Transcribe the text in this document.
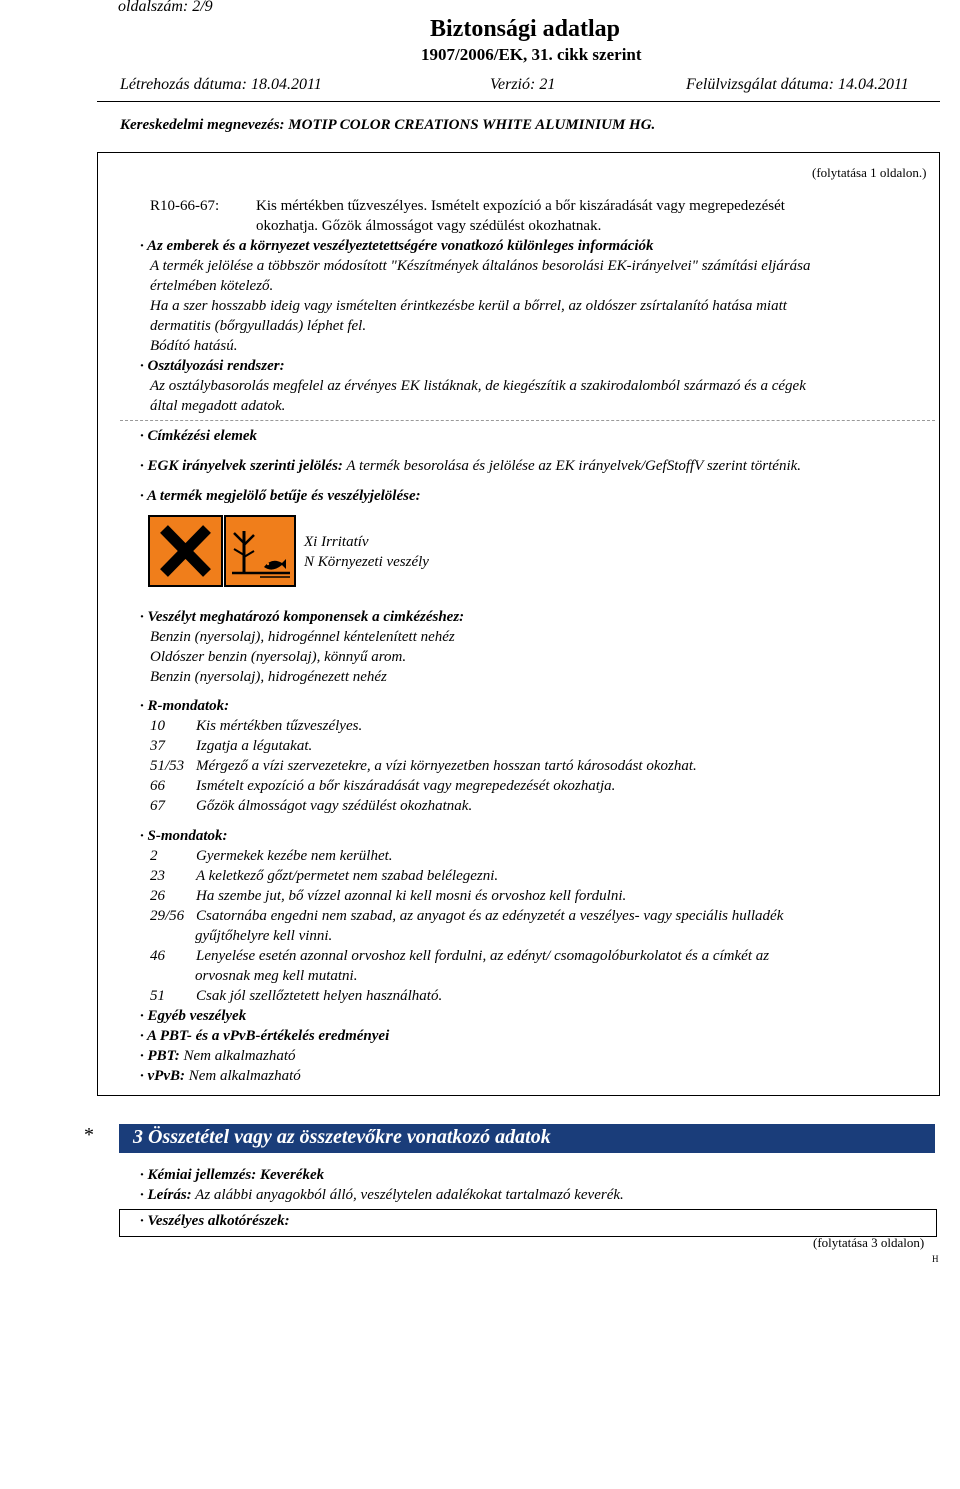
oldalszám: 2/9
Biztonsági adatlap
1907/2006/EK, 31. cikk szerint
Létrehozás dátuma: 18.04.2011	Verzió: 21	Felülvizsgálat dátuma: 14.04.2011
Kereskedelmi megnevezés: MOTIP COLOR CREATIONS WHITE ALUMINIUM HG.
(folytatása 1 oldalon.)
R10-66-67: Kis mértékben tűzveszélyes. Ismételt expozíció a bőr kiszáradását vagy megrepedezését
okozhatja. Gőzök álmosságot vagy szédülést okozhatnak.
· Az emberek és a környezet veszélyeztetettségére vonatkozó különleges információk
A termék jelölése a többször módosított "Készítmények általános besorolási EK-irányelvei" számítási eljárása
értelmében kötelező.
Ha a szer hosszabb ideig vagy ismételten érintkezésbe kerül a bőrrel, az oldószer zsírtalanító hatása miatt
dermatitis (bőrgyulladás) léphet fel.
Bódító hatású.
· Osztályozási rendszer:
Az osztálybasorolás megfelel az érvényes EK listáknak, de kiegészítik a szakirodalomból származó és a cégek
által megadott adatok.
· Címkézési elemek
· EGK irányelvek szerinti jelölés: A termék besorolása és jelölése az EK irányelvek/GefStoffV szerint történik.
· A termék megjelölő betűje és veszélyjelölése:
Xi Irritatív
N Környezeti veszély
· Veszélyt meghatározó komponensek a cimkézéshez:
Benzin (nyersolaj), hidrogénnel kéntelenített nehéz
Oldószer benzin (nyersolaj), könnyű arom.
Benzin (nyersolaj), hidrogénezett nehéz
· R-mondatok:
10 Kis mértékben tűzveszélyes.
37 Izgatja a légutakat.
51/53 Mérgező a vízi szervezetekre, a vízi környezetben hosszan tartó károsodást okozhat.
66 Ismételt expozíció a bőr kiszáradását vagy megrepedezését okozhatja.
67 Gőzök álmosságot vagy szédülést okozhatnak.
· S-mondatok:
2	Gyermekek kezébe nem kerülhet.
23 A keletkező gőzt/permetet nem szabad belélegezni.
26 Ha szembe jut, bő vízzel azonnal ki kell mosni és orvoshoz kell fordulni.
29/56 Csatornába engedni nem szabad, az anyagot és az edényzetét a veszélyes- vagy speciális hulladék
gyűjtőhelyre kell vinni.
46 Lenyelése esetén azonnal orvoshoz kell fordulni, az edényt/ csomagolóburkolatot és a címkét az
orvosnak meg kell mutatni.
51 Csak jól szellőztetett helyen használható.
· Egyéb veszélyek
· A PBT- és a vPvB-értékelés eredményei
· PBT: Nem alkalmazható
· vPvB: Nem alkalmazható
* 3 Összetétel vagy az összetevőkre vonatkozó adatok
· Kémiai jellemzés: Keverékek
· Leírás: Az alábbi anyagokból álló, veszélytelen adalékokat tartalmazó keverék.
· Veszélyes alkotórészek:
(folytatása 3 oldalon)
H
